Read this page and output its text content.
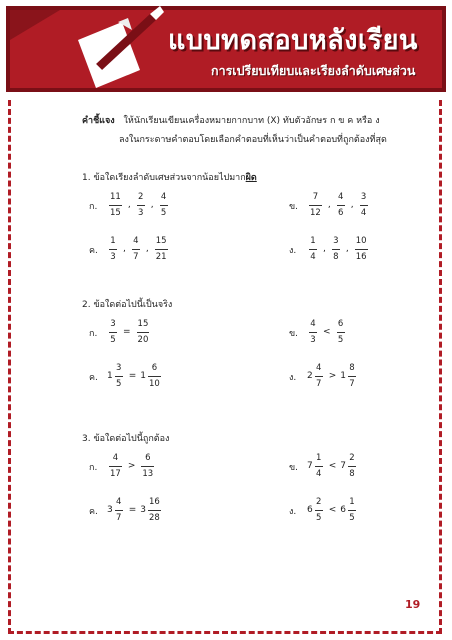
แบบทดสอบหลังเรียน
การเปรียบเทียบและเรียงลำดับเศษส่วน
คำชี้แจง ให้นักเรียนเขียนเครื่องหมายกากบาท (X) ทับตัวอักษร ก ข ค หรือ ง
ลงในกระดาษคำตอบโดยเลือกคำตอบที่เห็นว่าเป็นคำตอบที่ถูกต้องที่สุด
1. ข้อใดเรียงลำดับเศษส่วนจากน้อยไปมากผิด
ก. $\frac{11}{15}$ , $\frac{2}{3}$ , $\frac{4}{5}$	ข. $\frac{7}{12}$ , $\frac{4}{6}$ , $\frac{3}{4}$
ค. $\frac{1}{3}$ , $\frac{4}{7}$ , $\frac{15}{21}$	ง. $\frac{1}{4}$ , $\frac{3}{8}$ , $\frac{10}{16}$
2. ข้อใดต่อไปนี้เป็นจริง
ก. $\frac{3}{5} = \frac{15}{20}$	ข. $\frac{4}{3} < \frac{6}{5}$
ค. $1 \frac{3}{5} = 1 \frac{6}{10}$	ง. $2 \frac{4}{7} > 1 \frac{8}{7}$
3. ข้อใดต่อไปนี้ถูกต้อง
ก. $\frac{4}{17} > \frac{6}{13}$	ข. $7 \frac{1}{4} < 7 \frac{2}{8}$
ค. $3 \frac{4}{7} = 3 \frac{16}{28}$	ง. $6 \frac{2}{5} < 6 \frac{1}{5}$
19
